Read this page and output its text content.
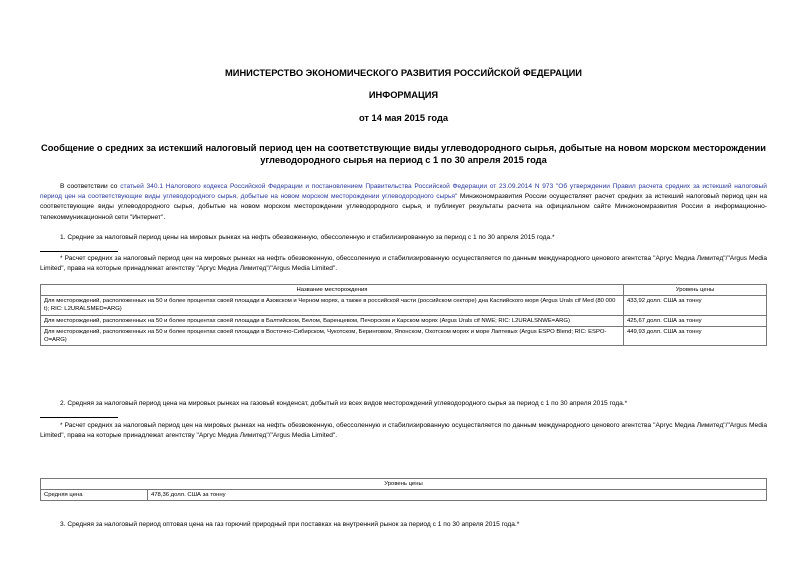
МИНИСТЕРСТВО ЭКОНОМИЧЕСКОГО РАЗВИТИЯ РОССИЙСКОЙ ФЕДЕРАЦИИ
ИНФОРМАЦИЯ
от 14 мая 2015 года
Сообщение о средних за истекший налоговый период цен на соответствующие виды углеводородного сырья, добытые на новом морском месторождении
углеводородного сырья на период с 1 по 30 апреля 2015 года
В соответствии со статьей 340.1 Налогового кодекса Российской Федерации и постановлением Правительства Российской Федерации от 23.09.2014 N 973 "Об утверждении Правил расчета средних за истекший налоговый период цен на соответствующие виды углеводородного сырья, добытые на новом морском месторождении углеводородного сырья" Минэкономразвития России осуществляет расчет средних за истекший налоговый период цен на соответствующие виды углеводородного сырья, добытые на новом морском месторождении углеводородного сырья, и публикует результаты расчета на официальном сайте Минэкономразвития России в информационно-телекоммуникационной сети "Интернет".
1. Средние за налоговый период цены на мировых рынках на нефть обезвоженную, обессоленную и стабилизированную за период с 1 по 30 апреля 2015 года.*
* Расчет средних за налоговый период цен на мировых рынках на нефть обезвоженную, обессоленную и стабилизированную осуществляется по данным международного ценового агентства "Аргус Медиа Лимитед"/"Argus Media Limited", права на которые принадлежат агентству "Аргус Медиа Лимитед"/"Argus Media Limited".
Название месторождения	Уровень цены
Для месторождений, расположенных на 50 и более процентах своей площади в Азовском и Черном морях, а также в российской части (российском секторе) дна Каспийского моря (Argus Urals cif Med (80 000 t); RIC: L2URALSMED=ARG)	433,92 долл. США за тонну
Для месторождений, расположенных на 50 и более процентах своей площади в Балтийском, Белом, Баренцевом, Печорском и Карском морях (Argus Urals cif NWE; RIC: L2URALSNWE=ARG)	425,67 долл. США за тонну
Для месторождений, расположенных на 50 и более процентах своей площади в Восточно-Сибирском, Чукотском, Беринговом, Японском, Охотском морях и море Лаптевых (Argus ESPO Blend; RIC: ESPO-O=ARG)	449,93 долл. США за тонну
2. Средняя за налоговый период цена на мировых рынках на газовый конденсат, добытый из всех видов месторождений углеводородного сырья за период с 1 по 30 апреля 2015 года.*
* Расчет средних за налоговый период цен на мировых рынках на нефть обезвоженную, обессоленную и стабилизированную осуществляется по данным международного ценового агентства "Аргус Медиа Лимитед"/"Argus Media Limited", права на которые принадлежат агентству "Аргус Медиа Лимитед"/"Argus Media Limited".
Уровень цены
Средняя цена	478,36 долл. США за тонну
3. Средняя за налоговый период оптовая цена на газ горючий природный при поставках на внутренний рынок за период с 1 по 30 апреля 2015 года.*
